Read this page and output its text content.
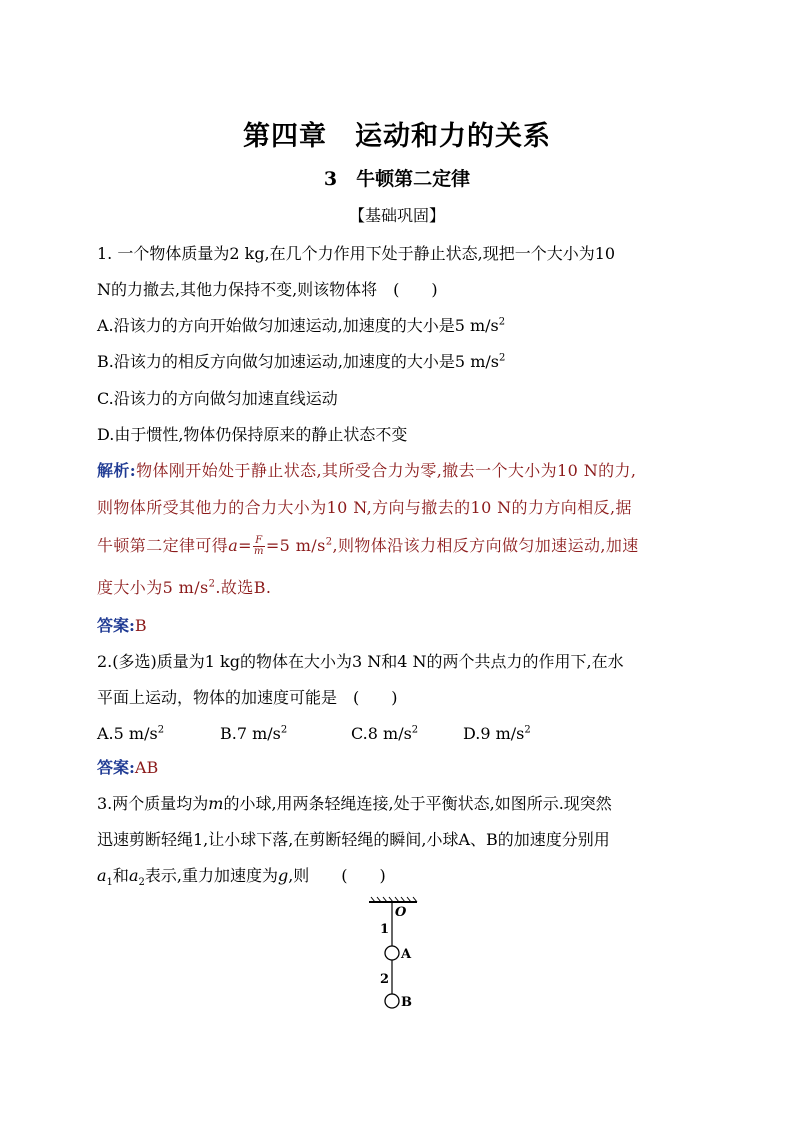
第四章　运动和力的关系
3　牛顿第二定律
【基础巩固】
1. 一个物体质量为2 kg,在几个力作用下处于静止状态,现把一个大小为10
N的力撤去,其他力保持不变,则该物体将　(　　)
A.沿该力的方向开始做匀加速运动,加速度的大小是5 $m/s^2$
B.沿该力的相反方向做匀加速运动,加速度的大小是5 $m/s^2$
C.沿该力的方向做匀加速直线运动
D.由于惯性,物体仍保持原来的静止状态不变
解析:物体刚开始处于静止状态,其所受合力为零,撤去一个大小为10 N的力,
则物体所受其他力的合力大小为10 N,方向与撤去的10 N的力方向相反,据
牛顿第二定律可得$a= \frac{F}{m} =5$ $m/s^2$,则物体沿该力相反方向做匀加速运动,加速
度大小为5 $m/s^2$.故选B.
答案:B
2.(多选)质量为1 kg的物体在大小为3 N和4 N的两个共点力的作用下,在水
平面上运动，物体的加速度可能是　(　　)
A.5 $m/s^2$	B.7 $m/s^2$	C.8 $m/s^2$	D.9 $m/s^2$
答案:AB
3.两个质量均为m的小球,用两条轻绳连接,处于平衡状态,如图所示.现突然
迅速剪断轻绳1,让小球下落,在剪断轻绳的瞬间,小球A、B的加速度分别用
$a_1$和$a_2$表示,重力加速度为g,则　　(　　)
O
1
A
2
B
